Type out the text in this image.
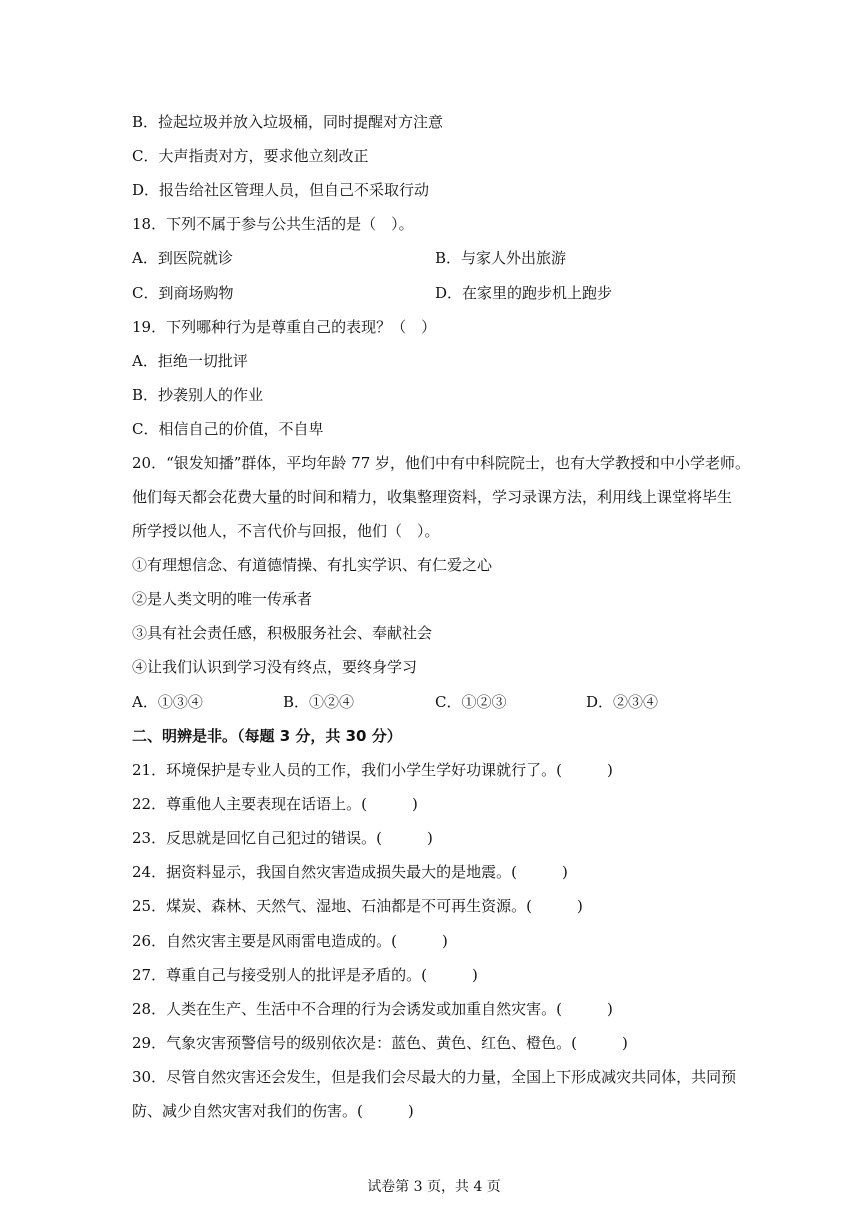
B．捡起垃圾并放入垃圾桶，同时提醒对方注意
C．大声指责对方，要求他立刻改正
D．报告给社区管理人员，但自己不采取行动
18．下列不属于参与公共生活的是（　）。
A．到医院就诊	B．与家人外出旅游
C．到商场购物	D．在家里的跑步机上跑步
19．下列哪种行为是尊重自己的表现？（　）
A．拒绝一切批评
B．抄袭别人的作业
C．相信自己的价值，不自卑
20．“银发知播”群体，平均年龄 77 岁，他们中有中科院院士，也有大学教授和中小学老师。
他们每天都会花费大量的时间和精力，收集整理资料，学习录课方法，利用线上课堂将毕生
所学授以他人，不言代价与回报，他们（　）。
①有理想信念、有道德情操、有扎实学识、有仁爱之心
②是人类文明的唯一传承者
③具有社会责任感，积极服务社会、奉献社会
④让我们认识到学习没有终点，要终身学习
A．①③④	B．①②④	C．①②③	D．②③④
二、明辨是非。（每题 3 分，共 30 分）
21．环境保护是专业人员的工作，我们小学生学好功课就行了。(　　　)
22．尊重他人主要表现在话语上。(　　　)
23．反思就是回忆自己犯过的错误。(　　　)
24．据资料显示，我国自然灾害造成损失最大的是地震。(　　　)
25．煤炭、森林、天然气、湿地、石油都是不可再生资源。(　　　)
26．自然灾害主要是风雨雷电造成的。(　　　)
27．尊重自己与接受别人的批评是矛盾的。(　　　)
28．人类在生产、生活中不合理的行为会诱发或加重自然灾害。(　　　)
29．气象灾害预警信号的级别依次是：蓝色、黄色、红色、橙色。(　　　)
30．尽管自然灾害还会发生，但是我们会尽最大的力量，全国上下形成减灾共同体，共同预
防、减少自然灾害对我们的伤害。(　　　)
试卷第 3 页，共 4 页
